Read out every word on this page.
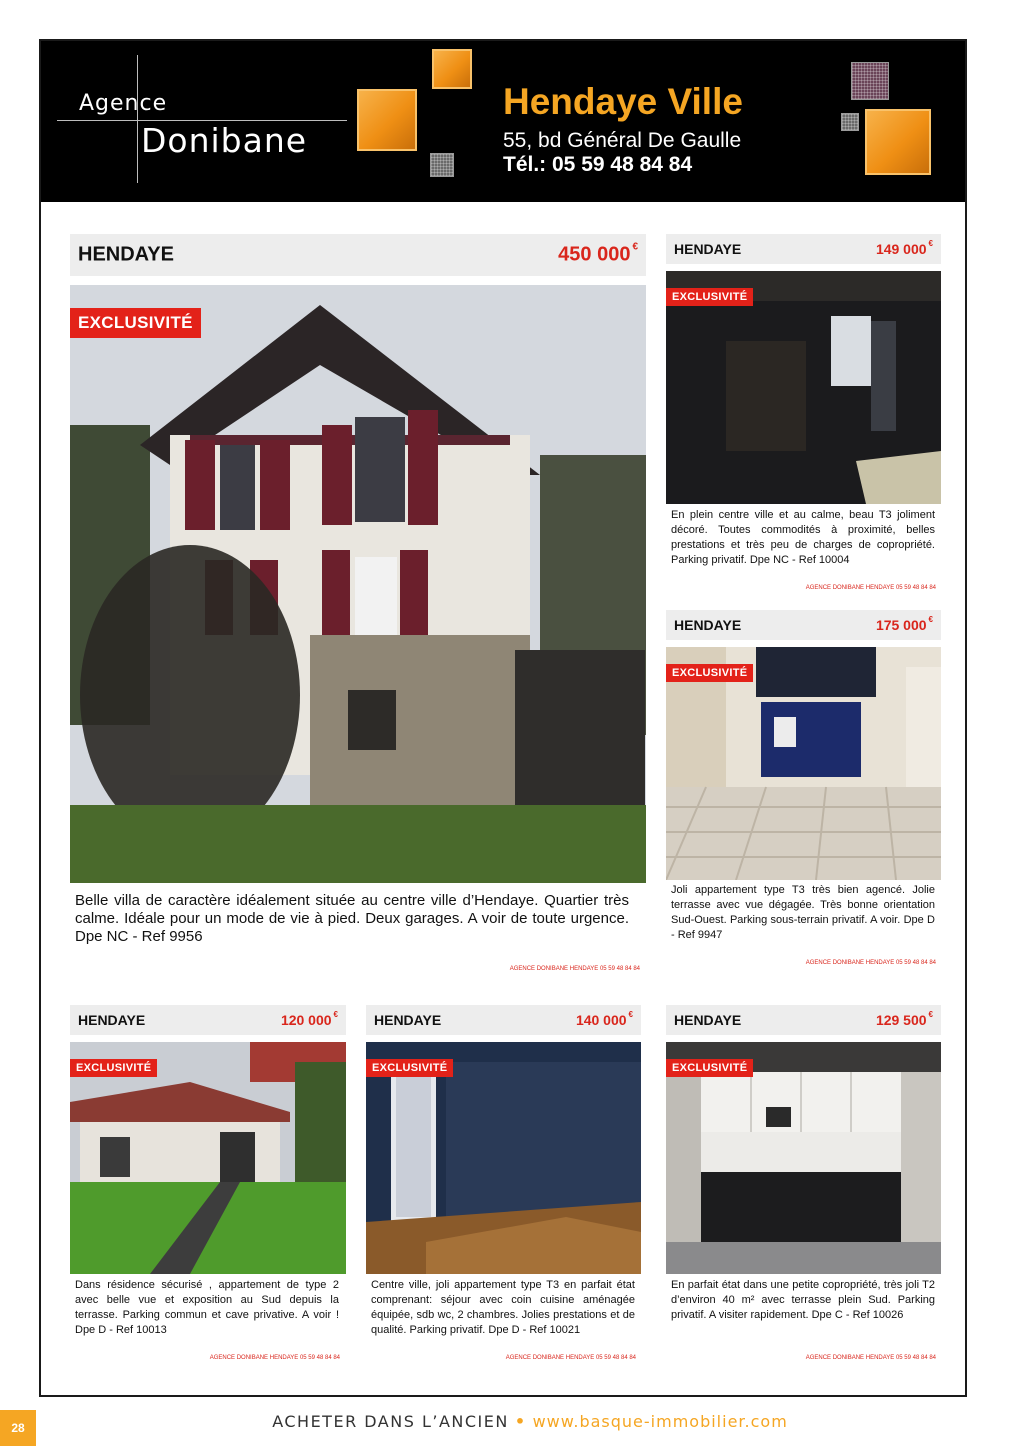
Agence
Donibane
Hendaye Ville
55, bd Général De Gaulle
Tél.: 05 59 48 84 84
HENDAYE	450 000 €
EXCLUSIVITÉ
Belle villa de caractère idéalement située au centre ville d’Hendaye. Quartier très calme. Idéale pour un mode de vie à pied. Deux garages. A voir de toute urgence. Dpe NC - Ref 9956
AGENCE DONIBANE HENDAYE 05 59 48 84 84
HENDAYE	149 000 €
EXCLUSIVITÉ
En plein centre ville et au calme, beau T3 joliment décoré. Toutes commodités à proximité, belles prestations et très peu de charges de copropriété. Parking privatif. Dpe NC - Ref 10004
AGENCE DONIBANE HENDAYE 05 59 48 84 84
HENDAYE	175 000 €
EXCLUSIVITÉ
Joli appartement type T3 très bien agencé. Jolie terrasse avec vue dégagée. Très bonne orientation Sud-Ouest. Parking sous-terrain privatif. A voir. Dpe D - Ref 9947
AGENCE DONIBANE HENDAYE 05 59 48 84 84
HENDAYE	120 000 €
EXCLUSIVITÉ
Dans résidence sécurisé , appartement de type 2 avec belle vue et exposition au Sud depuis la terrasse. Parking commun et cave privative. A voir ! Dpe D - Ref 10013
AGENCE DONIBANE HENDAYE 05 59 48 84 84
HENDAYE	140 000 €
EXCLUSIVITÉ
Centre ville, joli appartement type T3 en parfait état comprenant: séjour avec coin cuisine aménagée équipée, sdb wc, 2 chambres. Jolies prestations et de qualité. Parking privatif. Dpe D - Ref 10021
AGENCE DONIBANE HENDAYE 05 59 48 84 84
HENDAYE	129 500 €
EXCLUSIVITÉ
En parfait état dans une petite copropriété, très joli T2 d’environ 40 m² avec terrasse plein Sud. Parking privatif. A visiter rapidement. Dpe C - Ref 10026
AGENCE DONIBANE HENDAYE 05 59 48 84 84
28	ACHETER DANS L’ANCIEN • www.basque-immobilier.com
